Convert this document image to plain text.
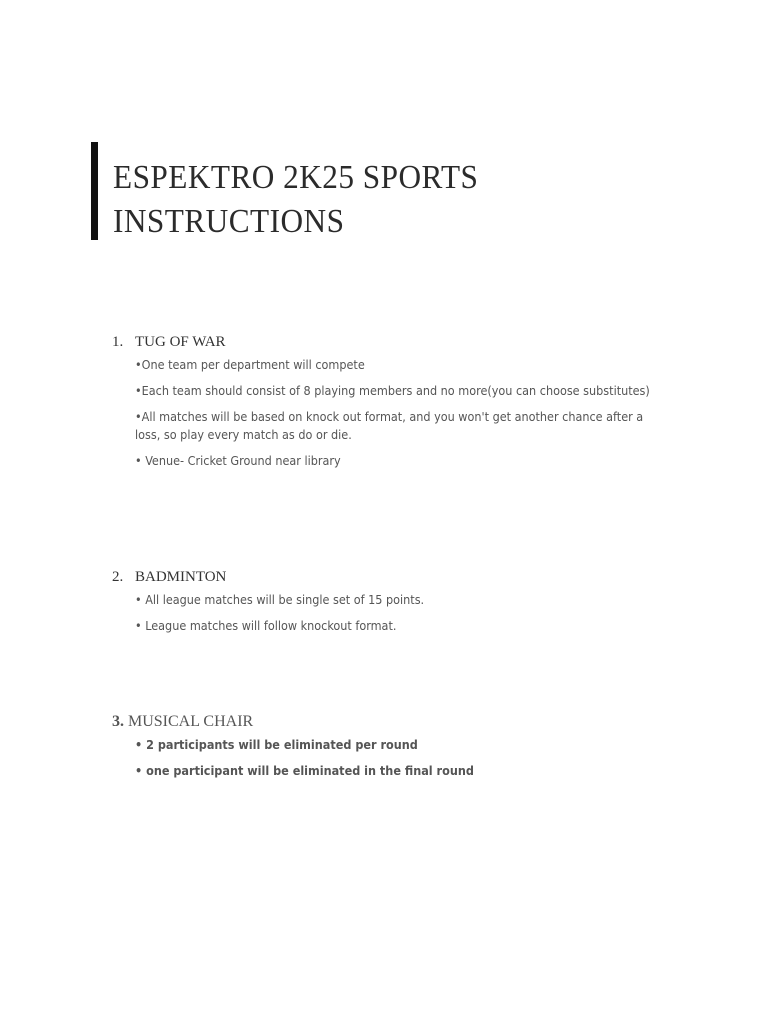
ESPEKTRO 2K25 SPORTS
INSTRUCTIONS
1. TUG OF WAR
•One team per department will compete
•Each team should consist of 8 playing members and no more(you can choose substitutes)
•All matches will be based on knock out format, and you won't get another chance after a loss, so play every match as do or die.
• Venue- Cricket Ground near library
2. BADMINTON
• All league matches will be single set of 15 points.
• League matches will follow knockout format.
3. MUSICAL CHAIR
• 2 participants will be eliminated per round
• one participant will be eliminated in the final round
